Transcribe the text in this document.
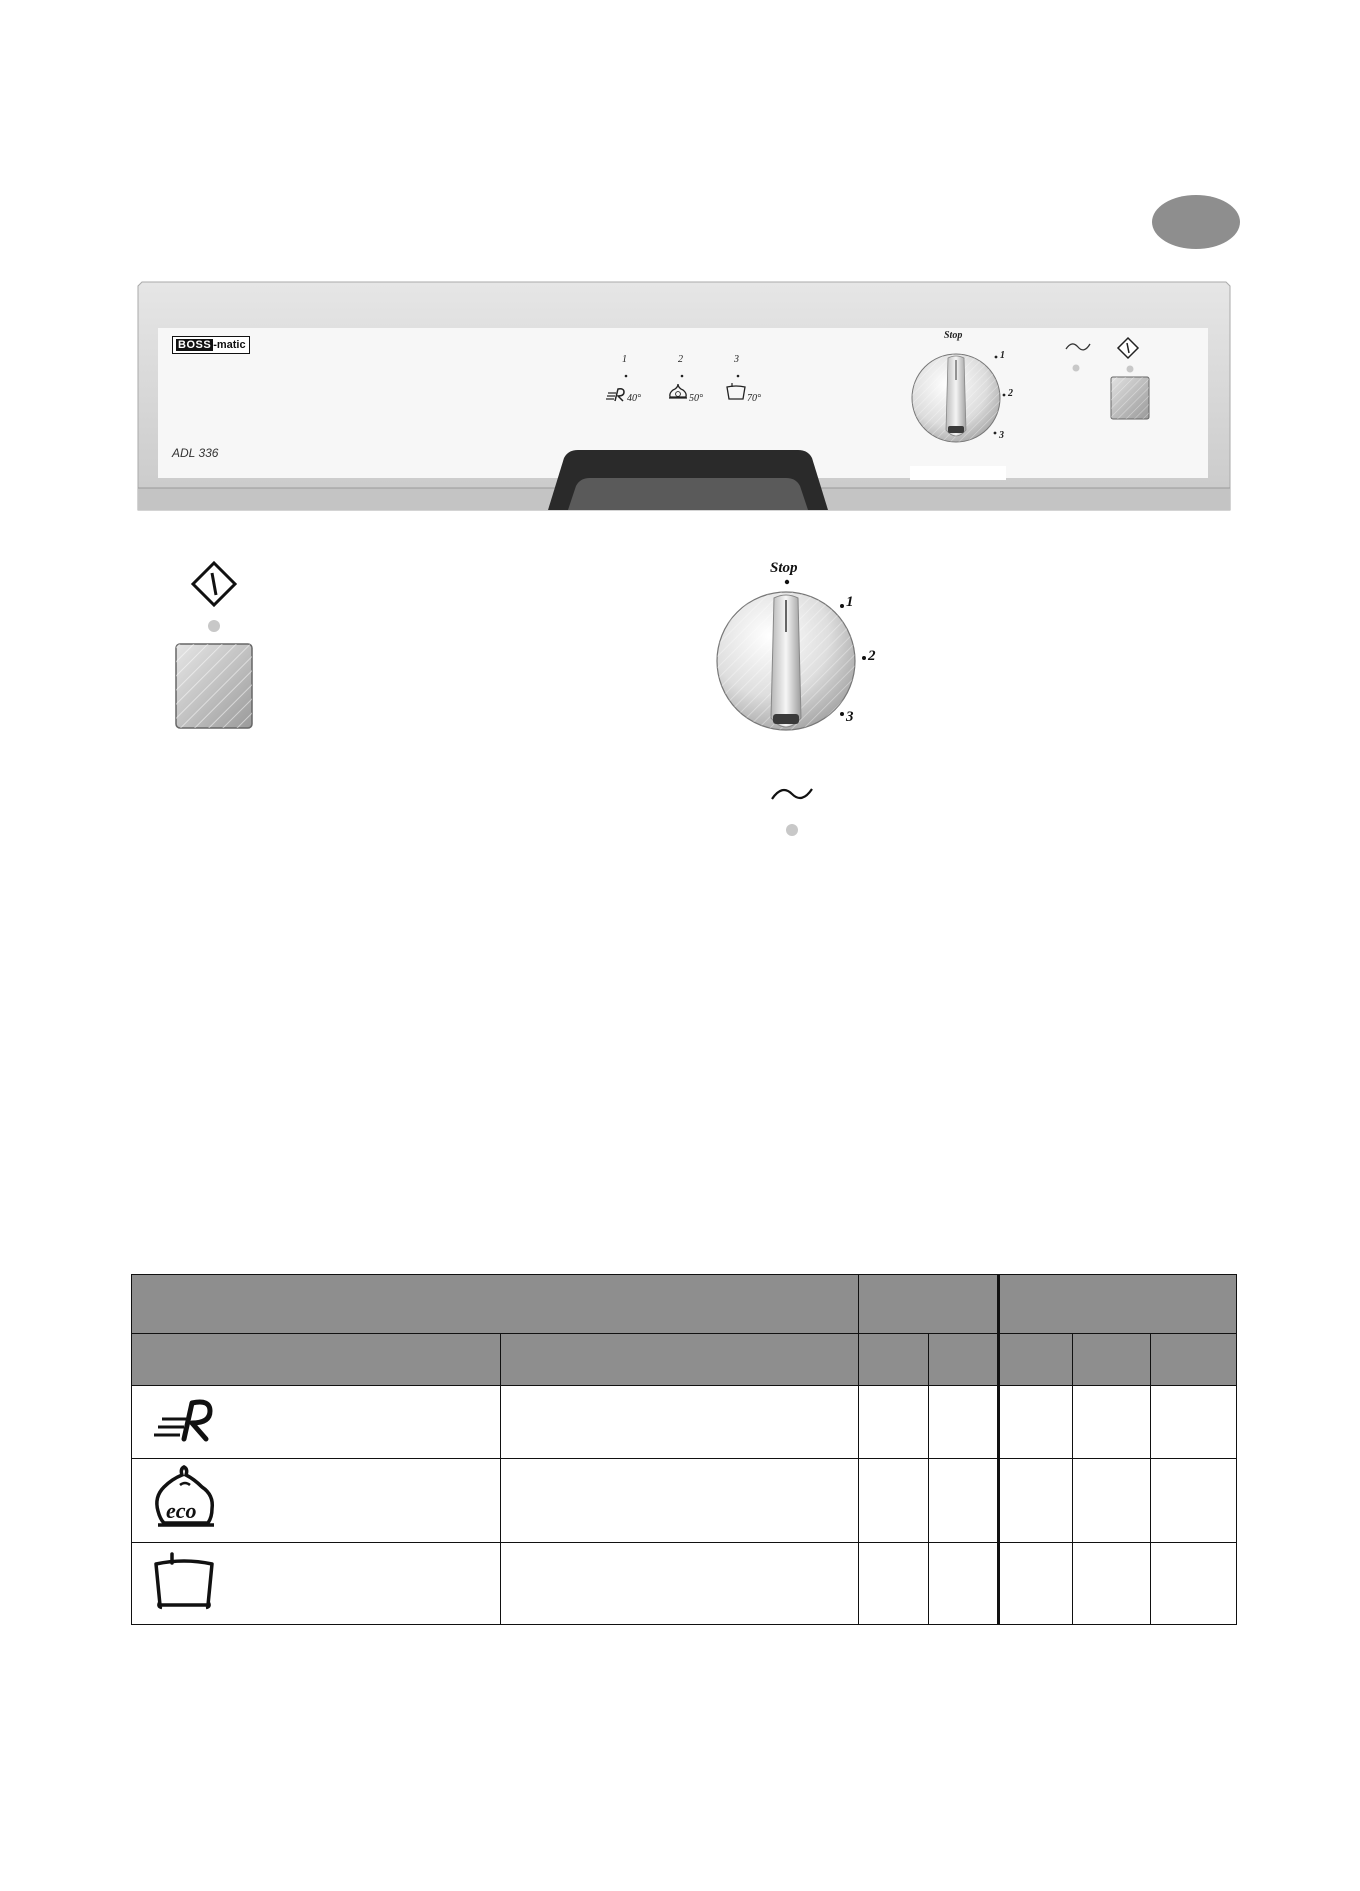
BOSS -matic
ADL 336
1	2	3
40°	50°	70°
Stop
1
2
3
Stop
1
2
3

eco						
